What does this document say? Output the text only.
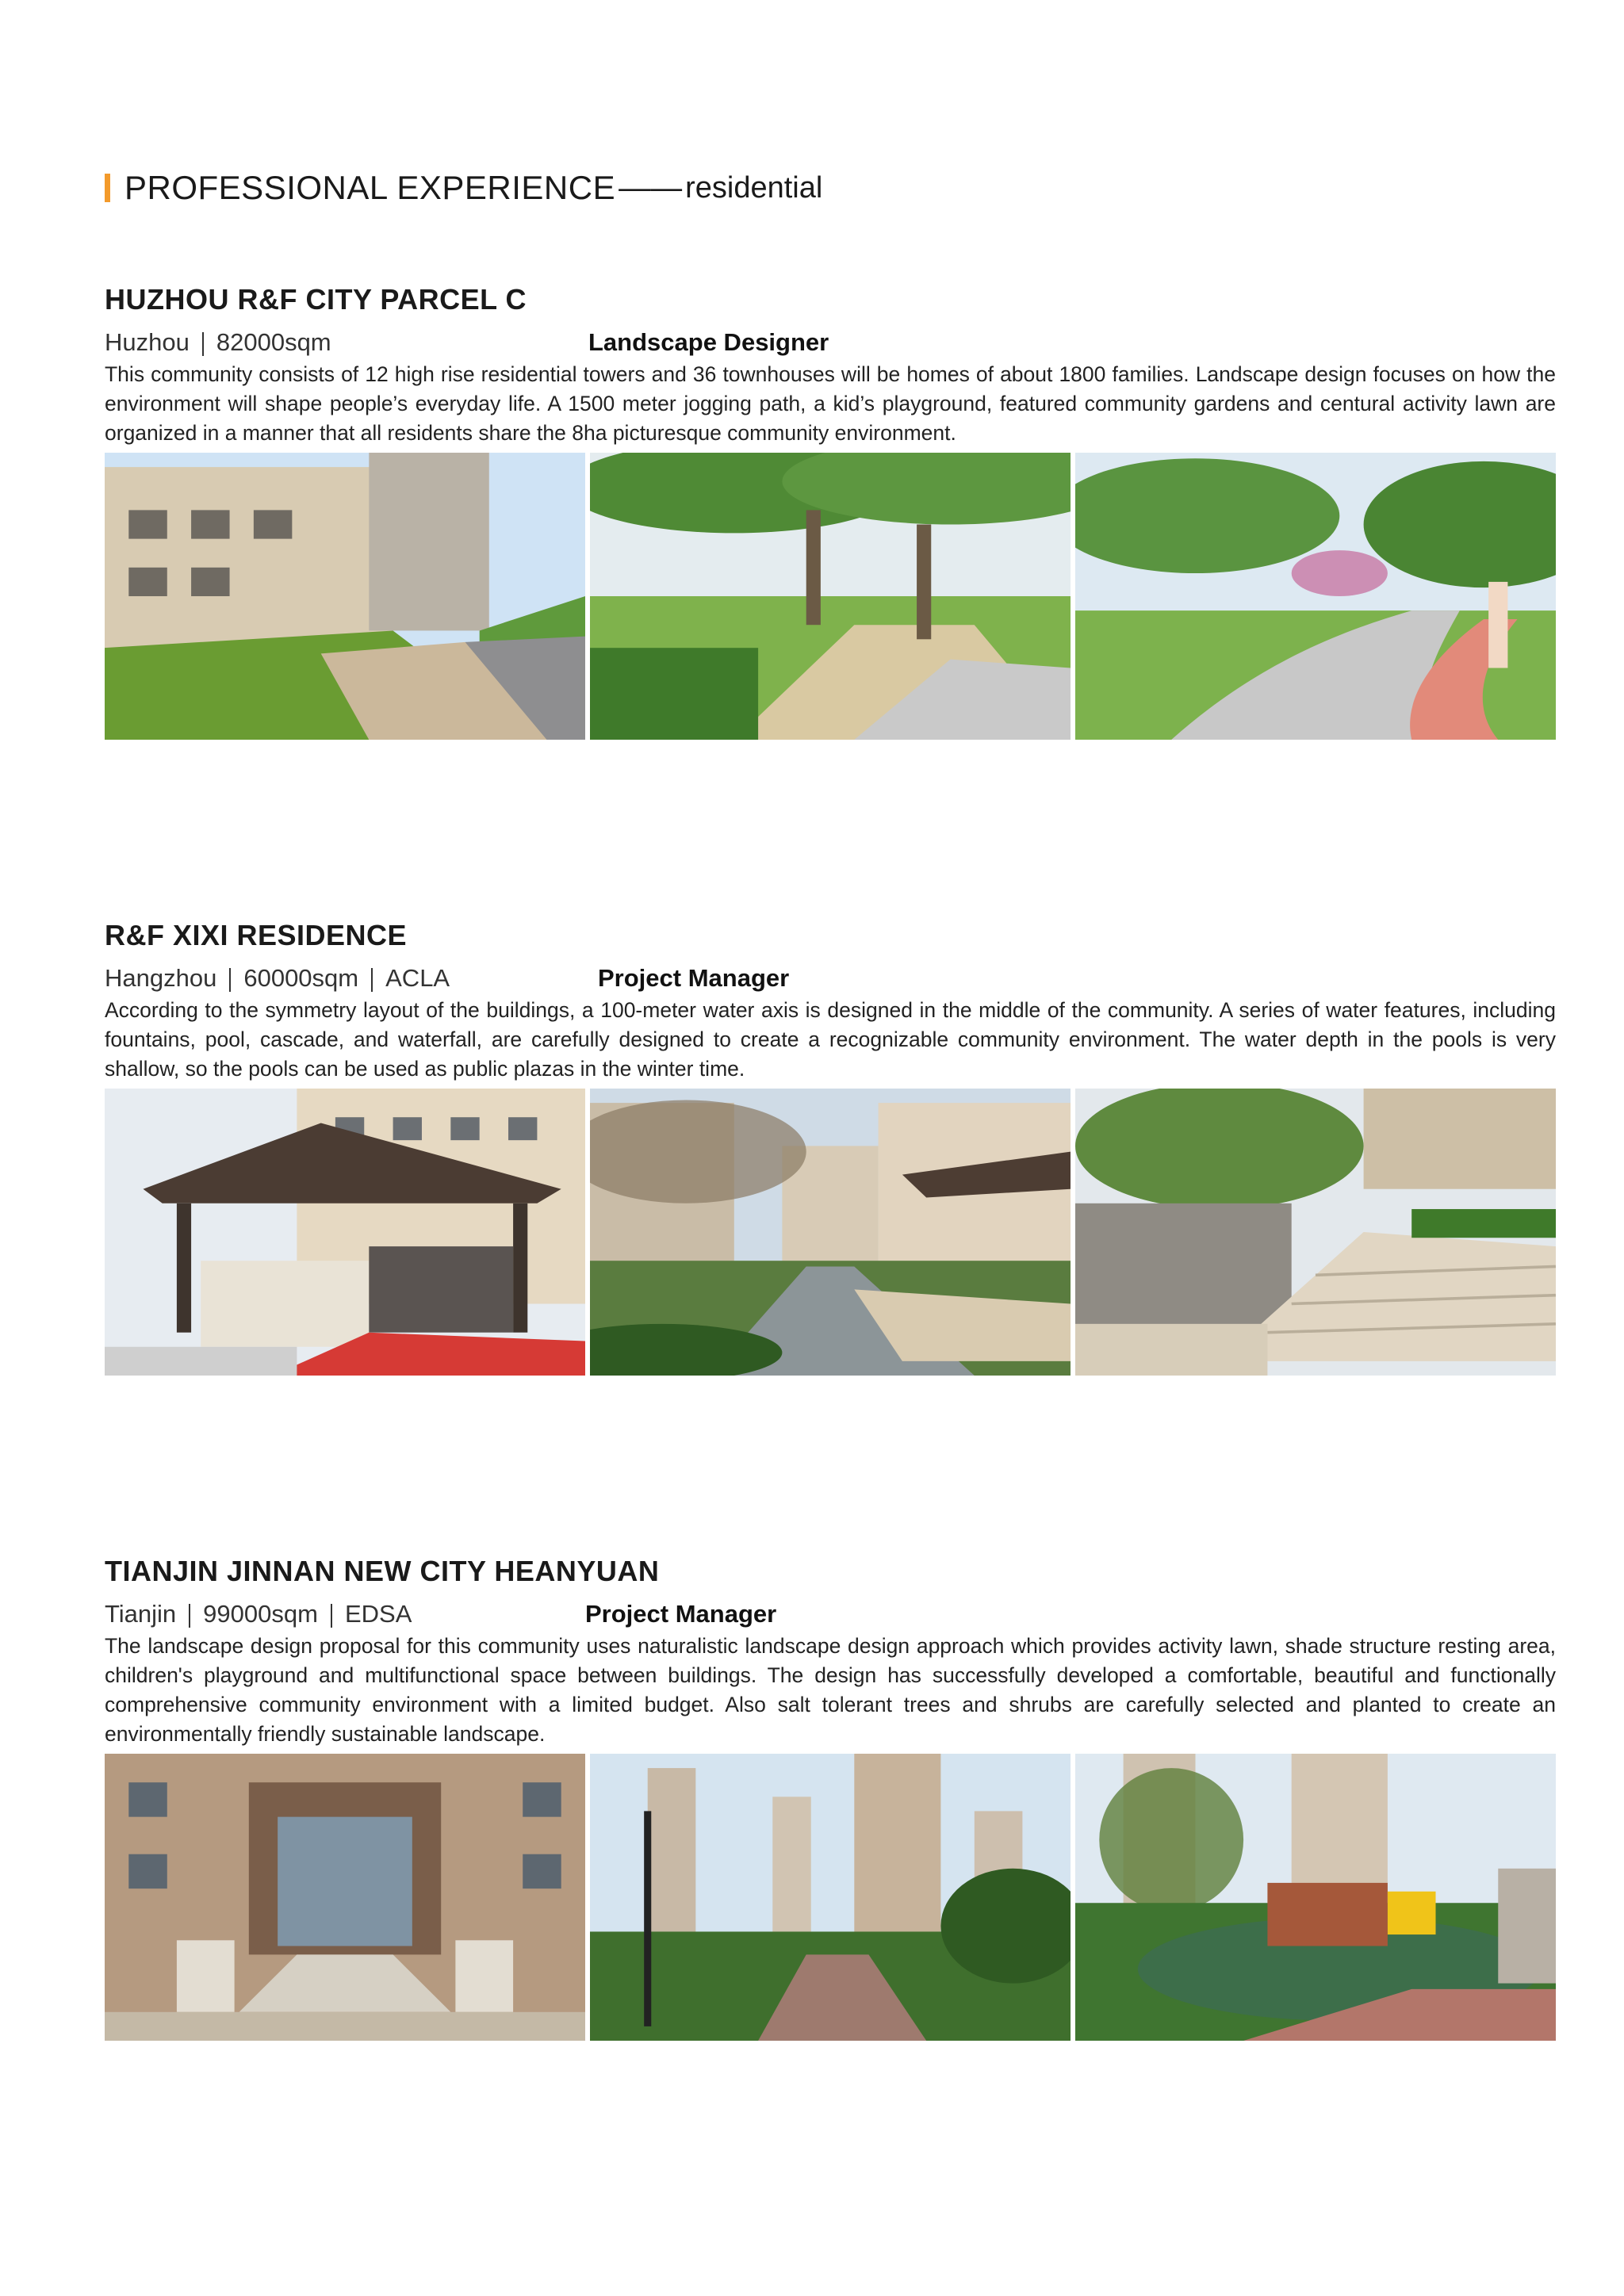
PROFESSIONAL EXPERIENCE —— residential
HUZHOU R&F CITY PARCEL C
Huzhou 82000sqm	Landscape Designer

This community consists of 12 high rise residential towers and 36 townhouses will be homes of about 1800 families. Landscape design focuses on how the environment will shape people’s everyday life. A 1500 meter jogging path, a kid’s playground, featured community gardens and centural activity lawn are organized in a manner that all residents share the 8ha picturesque community environment.

R&F XIXI RESIDENCE
Hangzhou 60000sqm ACLA	Project Manager

According to the symmetry layout of the buildings, a 100-meter water axis is designed in the middle of the community. A series of water features, including fountains, pool, cascade, and waterfall, are carefully designed to create a recognizable community environment. The water depth in the pools is very shallow, so the pools can be used as public plazas in the winter time.

TIANJIN JINNAN NEW CITY HEANYUAN
Tianjin 99000sqm EDSA	Project Manager

The landscape design proposal for this community uses naturalistic landscape design approach which provides activity lawn, shade structure resting area, children's playground and multifunctional space between buildings. The design has successfully developed a comfortable, beautiful and functionally comprehensive community environment with a limited budget. Also salt tolerant trees and shrubs are carefully selected and planted to create an environmentally friendly sustainable landscape.
